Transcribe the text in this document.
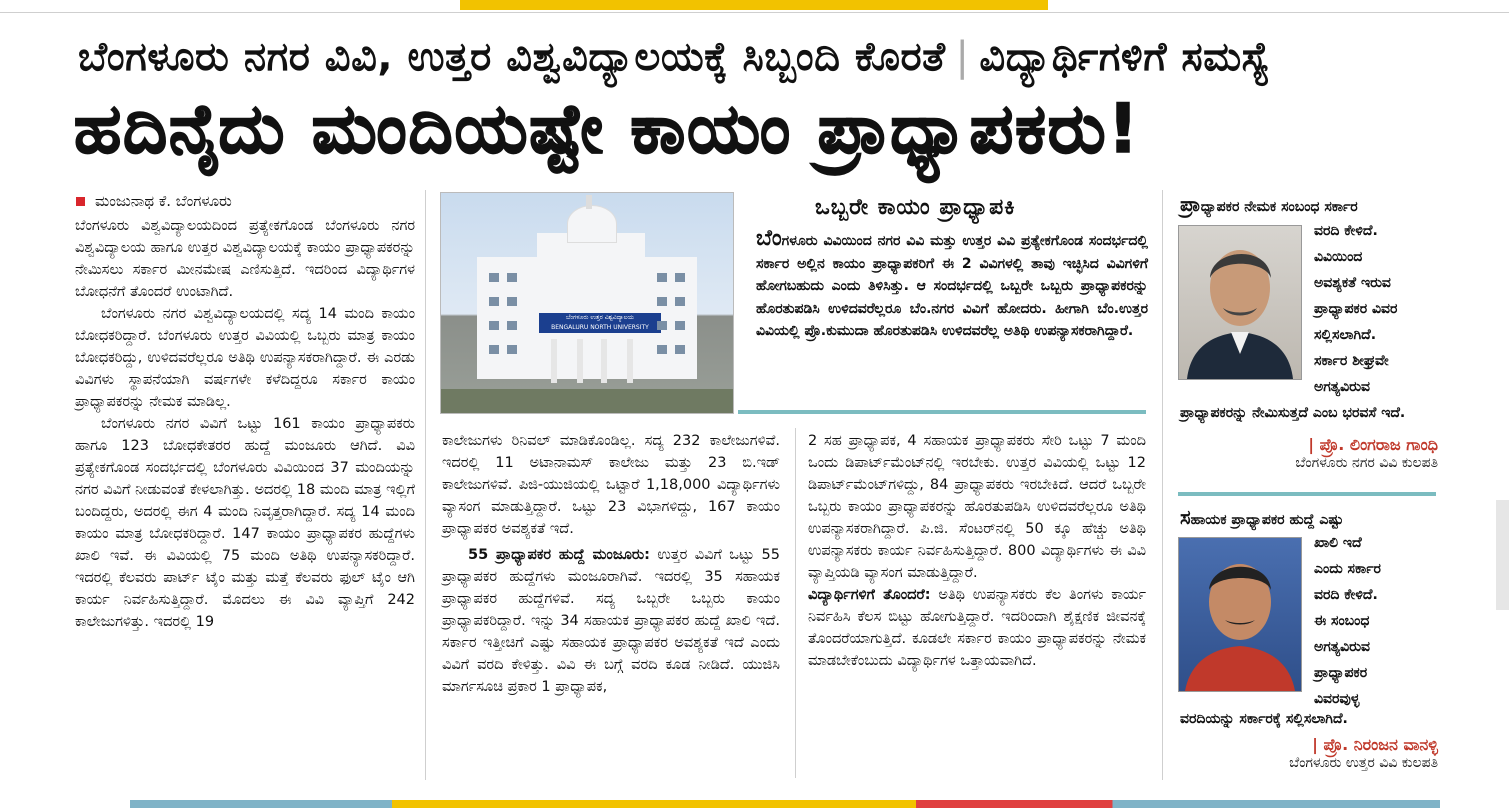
ಬೆಂಗಳೂರು ನಗರ ವಿವಿ, ಉತ್ತರ ವಿಶ್ವವಿದ್ಯಾಲಯಕ್ಕೆ ಸಿಬ್ಬಂದಿ ಕೊರತೆ | ವಿದ್ಯಾರ್ಥಿಗಳಿಗೆ ಸಮಸ್ಯೆ
ಹದಿನೈದು ಮಂದಿಯಷ್ಟೇ ಕಾಯಂ ಪ್ರಾಧ್ಯಾಪಕರು!
ಮಂಜುನಾಥ ಕೆ. ಬೆಂಗಳೂರು

ಬೆಂಗಳೂರು ವಿಶ್ವವಿದ್ಯಾಲಯದಿಂದ ಪ್ರತ್ಯೇಕಗೊಂಡ ಬೆಂಗಳೂರು ನಗರ ವಿಶ್ವವಿದ್ಯಾಲಯ ಹಾಗೂ ಉತ್ತರ ವಿಶ್ವವಿದ್ಯಾಲಯಕ್ಕೆ ಕಾಯಂ ಪ್ರಾಧ್ಯಾಪಕರನ್ನು ನೇಮಿಸಲು ಸರ್ಕಾರ ಮೀನಮೇಷ ಎಣಿಸುತ್ತಿದೆ. ಇದರಿಂದ ವಿದ್ಯಾರ್ಥಿಗಳ ಬೋಧನೆಗೆ ತೊಂದರೆ ಉಂಟಾಗಿದೆ.

ಬೆಂಗಳೂರು ನಗರ ವಿಶ್ವವಿದ್ಯಾಲಯದಲ್ಲಿ ಸದ್ಯ 14 ಮಂದಿ ಕಾಯಂ ಬೋಧಕರಿದ್ದಾರೆ. ಬೆಂಗಳೂರು ಉತ್ತರ ವಿವಿಯಲ್ಲಿ ಒಬ್ಬರು ಮಾತ್ರ ಕಾಯಂ ಬೋಧಕರಿದ್ದು, ಉಳಿದವರೆಲ್ಲರೂ ಅತಿಥಿ ಉಪನ್ಯಾಸಕರಾಗಿದ್ದಾರೆ. ಈ ಎರಡು ವಿವಿಗಳು ಸ್ಥಾಪನೆಯಾಗಿ ವರ್ಷಗಳೇ ಕಳೆದಿದ್ದರೂ ಸರ್ಕಾರ ಕಾಯಂ ಪ್ರಾಧ್ಯಾಪಕರನ್ನು ನೇಮಕ ಮಾಡಿಲ್ಲ.

ಬೆಂಗಳೂರು ನಗರ ವಿವಿಗೆ ಒಟ್ಟು 161 ಕಾಯಂ ಪ್ರಾಧ್ಯಾಪಕರು ಹಾಗೂ 123 ಬೋಧಕೇತರರ ಹುದ್ದೆ ಮಂಜೂರು ಆಗಿದೆ. ವಿವಿ ಪ್ರತ್ಯೇಕಗೊಂಡ ಸಂದರ್ಭದಲ್ಲಿ ಬೆಂಗಳೂರು ವಿವಿಯಿಂದ 37 ಮಂದಿಯನ್ನು ನಗರ ವಿವಿಗೆ ನೀಡುವಂತೆ ಕೇಳಲಾಗಿತ್ತು. ಅದರಲ್ಲಿ 18 ಮಂದಿ ಮಾತ್ರ ಇಲ್ಲಿಗೆ ಬಂದಿದ್ದರು, ಅದರಲ್ಲಿ ಈಗ 4 ಮಂದಿ ನಿವೃತ್ತರಾಗಿದ್ದಾರೆ. ಸದ್ಯ 14 ಮಂದಿ ಕಾಯಂ ಮಾತ್ರ ಬೋಧಕರಿದ್ದಾರೆ. 147 ಕಾಯಂ ಪ್ರಾಧ್ಯಾಪಕರ ಹುದ್ದೆಗಳು ಖಾಲಿ ಇವೆ. ಈ ವಿವಿಯಲ್ಲಿ 75 ಮಂದಿ ಅತಿಥಿ ಉಪನ್ಯಾಸಕರಿದ್ದಾರೆ. ಇದರಲ್ಲಿ ಕೆಲವರು ಪಾರ್ಟ್ ಟೈಂ ಮತ್ತು ಮತ್ತೆ ಕೆಲವರು ಫುಲ್ ಟೈಂ ಆಗಿ ಕಾರ್ಯ ನಿರ್ವಹಿಸುತ್ತಿದ್ದಾರೆ. ಮೊದಲು ಈ ವಿವಿ ವ್ಯಾಪ್ತಿಗೆ 242 ಕಾಲೇಜುಗಳಿತ್ತು. ಇದರಲ್ಲಿ 19

ಬೆಂಗಳೂರು ಉತ್ತರ ವಿಶ್ವವಿದ್ಯಾಲಯ
BENGALURU NORTH UNIVERSITY
ಒಬ್ಬರೇ ಕಾಯಂ ಪ್ರಾಧ್ಯಾಪಕಿ
ಬೆಂಗಳೂರು ವಿವಿಯಿಂದ ನಗರ ವಿವಿ ಮತ್ತು ಉತ್ತರ ವಿವಿ ಪ್ರತ್ಯೇಕಗೊಂಡ ಸಂದರ್ಭದಲ್ಲಿ ಸರ್ಕಾರ ಅಲ್ಲಿನ ಕಾಯಂ ಪ್ರಾಧ್ಯಾಪಕರಿಗೆ ಈ 2 ವಿವಿಗಳಲ್ಲಿ ತಾವು ಇಚ್ಛಿಸಿದ ವಿವಿಗಳಿಗೆ ಹೋಗಬಹುದು ಎಂದು ತಿಳಿಸಿತ್ತು. ಆ ಸಂದರ್ಭದಲ್ಲಿ ಒಬ್ಬರೇ ಒಬ್ಬರು ಪ್ರಾಧ್ಯಾಪಕರನ್ನು ಹೊರತುಪಡಿಸಿ ಉಳಿದವರೆಲ್ಲರೂ ಬೆಂ.ನಗರ ವಿವಿಗೆ ಹೋದರು. ಹೀಗಾಗಿ ಬೆಂ.ಉತ್ತರ ವಿವಿಯಲ್ಲಿ ಪ್ರೊ.ಕುಮುದಾ ಹೊರತುಪಡಿಸಿ ಉಳಿದವರೆಲ್ಲ ಅತಿಥಿ ಉಪನ್ಯಾಸಕರಾಗಿದ್ದಾರೆ.

ಕಾಲೇಜುಗಳು ರಿನಿವಲ್ ಮಾಡಿಕೊಂಡಿಲ್ಲ. ಸದ್ಯ 232 ಕಾಲೇಜುಗಳಿವೆ. ಇದರಲ್ಲಿ 11 ಅಟಾನಾಮಸ್ ಕಾಲೇಜು ಮತ್ತು 23 ಬಿ.ಇಡ್ ಕಾಲೇಜುಗಳಿವೆ. ಪಿಜಿ-ಯುಜಿಯಲ್ಲಿ ಒಟ್ಟಾರೆ 1,18,000 ವಿದ್ಯಾರ್ಥಿಗಳು ವ್ಯಾಸಂಗ ಮಾಡುತ್ತಿದ್ದಾರೆ. ಒಟ್ಟು 23 ವಿಭಾಗಳಿದ್ದು, 167 ಕಾಯಂ ಪ್ರಾಧ್ಯಾಪಕರ ಅವಶ್ಯಕತೆ ಇದೆ.

55 ಪ್ರಾಧ್ಯಾಪಕರ ಹುದ್ದೆ ಮಂಜೂರು: ಉತ್ತರ ವಿವಿಗೆ ಒಟ್ಟು 55 ಪ್ರಾಧ್ಯಾಪಕರ ಹುದ್ದೆಗಳು ಮಂಜೂರಾಗಿವೆ. ಇದರಲ್ಲಿ 35 ಸಹಾಯಕ ಪ್ರಾಧ್ಯಾಪಕರ ಹುದ್ದೆಗಳಿವೆ. ಸದ್ಯ ಒಬ್ಬರೇ ಒಬ್ಬರು ಕಾಯಂ ಪ್ರಾಧ್ಯಾಪಕರಿದ್ದಾರೆ. ಇನ್ನು 34 ಸಹಾಯಕ ಪ್ರಾಧ್ಯಾಪಕರ ಹುದ್ದೆ ಖಾಲಿ ಇದೆ. ಸರ್ಕಾರ ಇತ್ತೀಚಿಗೆ ಎಷ್ಟು ಸಹಾಯಕ ಪ್ರಾಧ್ಯಾಪಕರ ಅವಶ್ಯಕತೆ ಇದೆ ಎಂದು ವಿವಿಗೆ ವರದಿ ಕೇಳಿತ್ತು. ವಿವಿ ಈ ಬಗ್ಗೆ ವರದಿ ಕೂಡ ನೀಡಿದೆ. ಯುಜಿಸಿ ಮಾರ್ಗಸೂಚಿ ಪ್ರಕಾರ 1 ಪ್ರಾಧ್ಯಾಪಕ,

2 ಸಹ ಪ್ರಾಧ್ಯಾಪಕ, 4 ಸಹಾಯಕ ಪ್ರಾಧ್ಯಾಪಕರು ಸೇರಿ ಒಟ್ಟು 7 ಮಂದಿ ಒಂದು ಡಿಪಾರ್ಟ್‌ಮೆಂಟ್‌ನಲ್ಲಿ ಇರಬೇಕು. ಉತ್ತರ ವಿವಿಯಲ್ಲಿ ಒಟ್ಟು 12 ಡಿಪಾರ್ಟ್‌ಮೆಂಟ್‌ಗಳಿದ್ದು, 84 ಪ್ರಾಧ್ಯಾಪಕರು ಇರಬೇಕಿದೆ. ಆದರೆ ಒಬ್ಬರೇ ಒಬ್ಬರು ಕಾಯಂ ಪ್ರಾಧ್ಯಾಪಕರನ್ನು ಹೊರತುಪಡಿಸಿ ಉಳಿದವರೆಲ್ಲರೂ ಅತಿಥಿ ಉಪನ್ಯಾಸಕರಾಗಿದ್ದಾರೆ. ಪಿ.ಜಿ. ಸೆಂಟರ್‌ನಲ್ಲಿ 50 ಕ್ಕೂ ಹೆಚ್ಚು ಅತಿಥಿ ಉಪನ್ಯಾಸಕರು ಕಾರ್ಯ ನಿರ್ವಹಿಸುತ್ತಿದ್ದಾರೆ. 800 ವಿದ್ಯಾರ್ಥಿಗಳು ಈ ವಿವಿ ವ್ಯಾಪ್ತಿಯಡಿ ವ್ಯಾಸಂಗ ಮಾಡುತ್ತಿದ್ದಾರೆ.

ವಿದ್ಯಾರ್ಥಿಗಳಿಗೆ ತೊಂದರೆ: ಅತಿಥಿ ಉಪನ್ಯಾಸಕರು ಕೆಲ ತಿಂಗಳು ಕಾರ್ಯ ನಿರ್ವಹಿಸಿ ಕೆಲಸ ಬಿಟ್ಟು ಹೋಗುತ್ತಿದ್ದಾರೆ. ಇದರಿಂದಾಗಿ ಶೈಕ್ಷಣಿಕ ಜೀವನಕ್ಕೆ ತೊಂದರೆಯಾಗುತ್ತಿದೆ. ಕೂಡಲೇ ಸರ್ಕಾರ ಕಾಯಂ ಪ್ರಾಧ್ಯಾಪಕರನ್ನು ನೇಮಕ ಮಾಡಬೇಕೆಂಬುದು ವಿದ್ಯಾರ್ಥಿಗಳ ಒತ್ತಾಯವಾಗಿದೆ.

ಪ್ರಾಧ್ಯಾಪಕರ ನೇಮಕ ಸಂಬಂಧ ಸರ್ಕಾರ
ವರದಿ ಕೇಳಿದೆ.
ವಿವಿಯಿಂದ
ಅವಶ್ಯಕತೆ ಇರುವ
ಪ್ರಾಧ್ಯಾಪಕರ ವಿವರ
ಸಲ್ಲಿಸಲಾಗಿದೆ.
ಸರ್ಕಾರ ಶೀಘ್ರವೇ
ಅಗತ್ಯವಿರುವ
ಪ್ರಾಧ್ಯಾಪಕರನ್ನು ನೇಮಿಸುತ್ತದೆ ಎಂಬ ಭರವಸೆ ಇದೆ.
| ಪ್ರೊ. ಲಿಂಗರಾಜ ಗಾಂಧಿ
ಬೆಂಗಳೂರು ನಗರ ವಿವಿ ಕುಲಪತಿ
ಸಹಾಯಕ ಪ್ರಾಧ್ಯಾಪಕರ ಹುದ್ದೆ ಎಷ್ಟು
ಖಾಲಿ ಇದೆ
ಎಂದು ಸರ್ಕಾರ
ವರದಿ ಕೇಳಿದೆ.
ಈ ಸಂಬಂಧ
ಅಗತ್ಯವಿರುವ
ಪ್ರಾಧ್ಯಾಪಕರ
ವಿವರವುಳ್ಳ
ವರದಿಯನ್ನು ಸರ್ಕಾರಕ್ಕೆ ಸಲ್ಲಿಸಲಾಗಿದೆ.
| ಪ್ರೊ. ನಿರಂಜನ ವಾನಳ್ಳಿ
ಬೆಂಗಳೂರು ಉತ್ತರ ವಿವಿ ಕುಲಪತಿ
